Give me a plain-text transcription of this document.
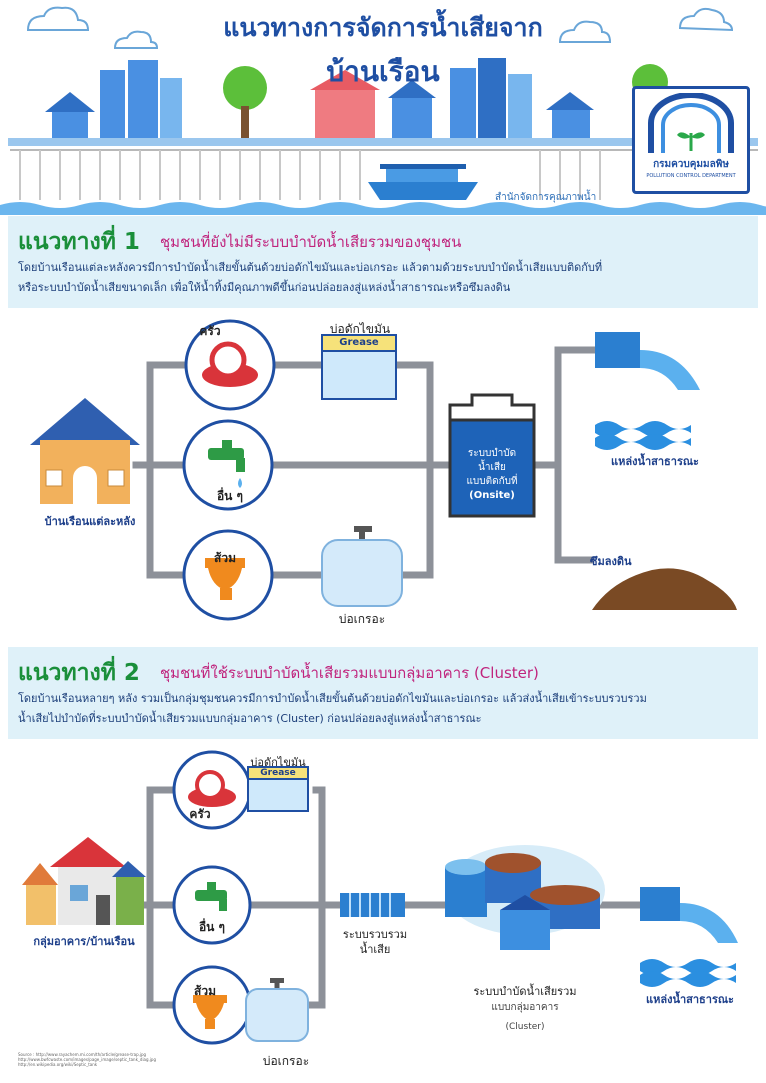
แนวทางการจัดการน้ำเสียจาก
บ้านเรือน
สำนักจัดการคุณภาพน้ำ
กรมควบคุมมลพิษ
POLLUTION CONTROL DEPARTMENT
แนวทางที่ 1 ชุมชนที่ยังไม่มีระบบบำบัดน้ำเสียรวมของชุมชน
โดยบ้านเรือนแต่ละหลังควรมีการบำบัดน้ำเสียขั้นต้นด้วยบ่อดักไขมันและบ่อเกรอะ แล้วตามด้วยระบบบำบัดน้ำเสียแบบติดกับที่
หรือระบบบำบัดน้ำเสียขนาดเล็ก เพื่อให้น้ำทิ้งมีคุณภาพดีขึ้นก่อนปล่อยลงสู่แหล่งน้ำสาธารณะหรือซึมลงดิน
บ้านเรือนแต่ละหลัง
ครัว	บ่อดักไขมัน
Grease
อื่น ๆ
ส้วม
บ่อเกรอะ
ระบบบำบัด
น้ำเสีย
แบบติดกับที่
(Onsite)
แหล่งน้ำสาธารณะ
ซึมลงดิน
แนวทางที่ 2 ชุมชนที่ใช้ระบบบำบัดน้ำเสียรวมแบบกลุ่มอาคาร (Cluster)
โดยบ้านเรือนหลายๆ หลัง รวมเป็นกลุ่มชุมชนควรมีการบำบัดน้ำเสียขั้นต้นด้วยบ่อดักไขมันและบ่อเกรอะ แล้วส่งน้ำเสียเข้าระบบรวบรวม
น้ำเสียไปบำบัดที่ระบบบำบัดน้ำเสียรวมแบบกลุ่มอาคาร (Cluster) ก่อนปล่อยลงสู่แหล่งน้ำสาธารณะ
กลุ่มอาคาร/บ้านเรือน
ครัว
บ่อดักไขมัน
Grease
อื่น ๆ
ส้วม
บ่อเกรอะ
ระบบรวบรวม
น้ำเสีย
ระบบบำบัดน้ำเสียรวม
แบบกลุ่มอาคาร
(Cluster)
แหล่งน้ำสาธารณะ
Source : http://www.rayachem.mi.com/th/article/grease-trap.jpg
http://www.bwfcwaste.com/images/page_image/septic_tank_diag.jpg
http://en.wikipedia.org/wiki/Septic_tank
